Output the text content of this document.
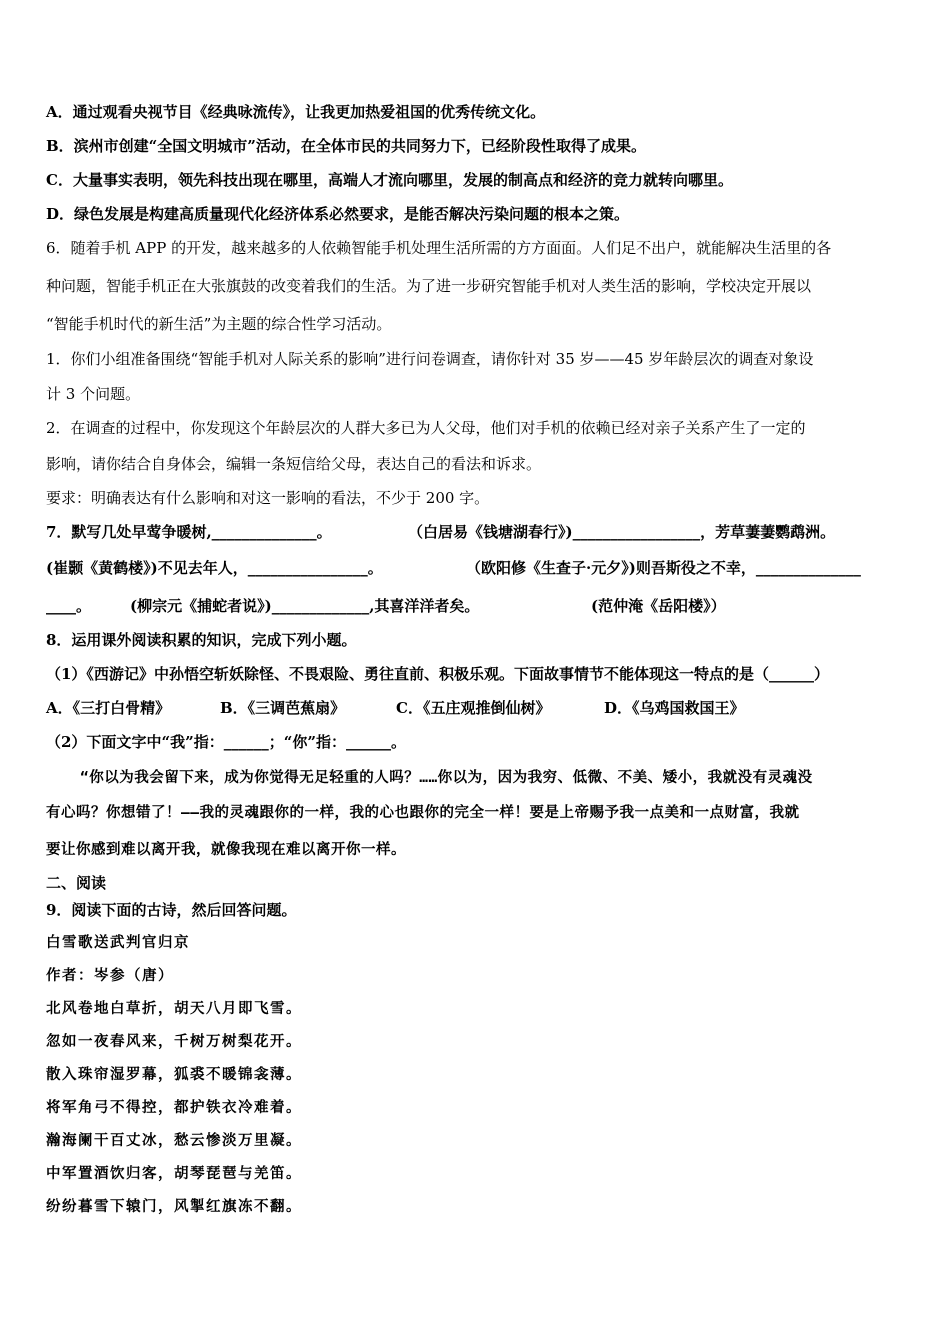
A．通过观看央视节目《经典咏流传》，让我更加热爱祖国的优秀传统文化。
B．滨州市创建“全国文明城市”活动，在全体市民的共同努力下，已经阶段性取得了成果。
C．大量事实表明，领先科技出现在哪里，高端人才流向哪里，发展的制高点和经济的竞力就转向哪里。
D．绿色发展是构建高质量现代化经济体系必然要求，是能否解决污染问题的根本之策。
6．随着手机 APP 的开发，越来越多的人依赖智能手机处理生活所需的方方面面。人们足不出户，就能解决生活里的各
种问题，智能手机正在大张旗鼓的改变着我们的生活。为了进一步研究智能手机对人类生活的影响，学校决定开展以
“智能手机时代的新生活”为主题的综合性学习活动。
1．你们小组准备围绕“智能手机对人际关系的影响”进行问卷调查，请你针对 35 岁——45 岁年龄层次的调查对象设
计 3 个问题。
2．在调查的过程中，你发现这个年龄层次的人群大多已为人父母，他们对手机的依赖已经对亲子关系产生了一定的
影响，请你结合自身体会，编辑一条短信给父母，表达自己的看法和诉求。
要求：明确表达有什么影响和对这一影响的看法，不少于 200 字。
7．默写几处早莺争暖树,______________。	（白居易《钱塘湖春行》)_________________，芳草萋萋鹦鹉洲。
(崔颢《黄鹤楼》)不见去年人，________________。	（欧阳修《生查子·元夕》)则吾斯役之不幸，______________
____。	(柳宗元《捕蛇者说》)_____________,其喜洋洋者矣。	(范仲淹《岳阳楼》）
8．运用课外阅读积累的知识，完成下列小题。
（1）《西游记》中孙悟空斩妖除怪、不畏艰险、勇往直前、积极乐观。下面故事情节不能体现这一特点的是（______）
A．《三打白骨精》	B．《三调芭蕉扇》	C．《五庄观推倒仙树》	D．《乌鸡国救国王》
（2）下面文字中“我”指：______；“你”指：______。
“你以为我会留下来，成为你觉得无足轻重的人吗？……你以为，因为我穷、低微、不美、矮小，我就没有灵魂没
有心吗？你想错了！——我的灵魂跟你的一样，我的心也跟你的完全一样！要是上帝赐予我一点美和一点财富，我就
要让你感到难以离开我，就像我现在难以离开你一样。
二、阅读
9．阅读下面的古诗，然后回答问题。
白雪歌送武判官归京
作者：岑参（唐）
北风卷地白草折，胡天八月即飞雪。
忽如一夜春风来，千树万树梨花开。
散入珠帘湿罗幕，狐裘不暖锦衾薄。
将军角弓不得控，都护铁衣冷难着。
瀚海阑干百丈冰，愁云惨淡万里凝。
中军置酒饮归客，胡琴琵琶与羌笛。
纷纷暮雪下辕门，风掣红旗冻不翻。
